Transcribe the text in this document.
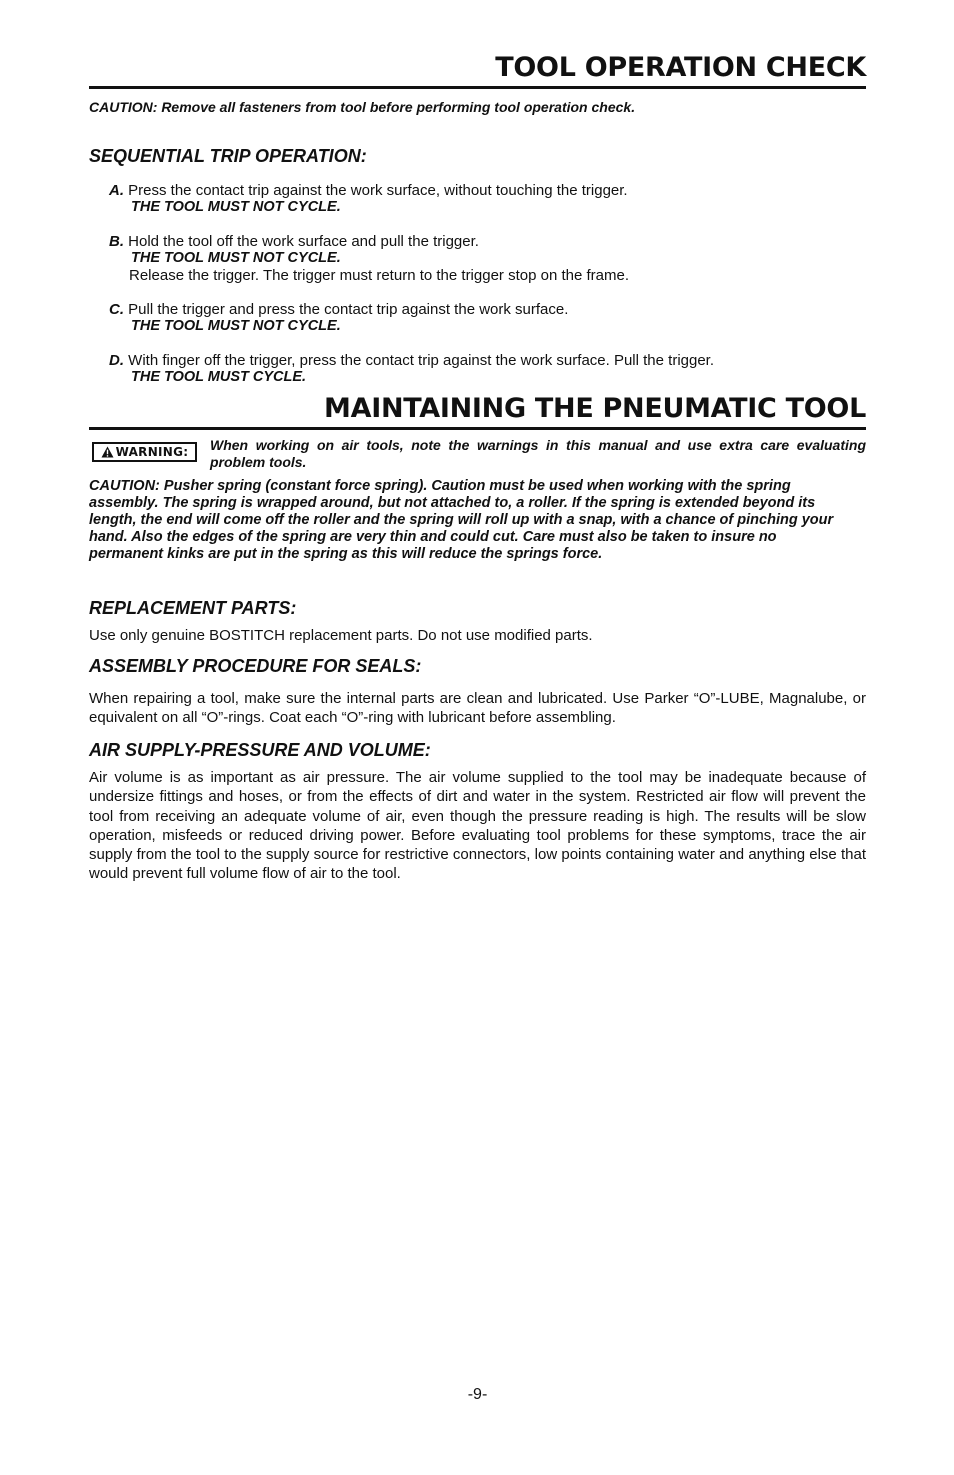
TOOL OPERATION CHECK
CAUTION: Remove all fasteners from tool before performing tool operation check.
SEQUENTIAL TRIP OPERATION:
A. Press the contact trip against the work surface, without touching the trigger.
THE TOOL MUST NOT CYCLE.
B. Hold the tool off the work surface and pull the trigger.
THE TOOL MUST NOT CYCLE.
Release the trigger. The trigger must return to the trigger stop on the frame.
C. Pull the trigger and press the contact trip against the work surface.
THE TOOL MUST NOT CYCLE.
D. With finger off the trigger, press the contact trip against the work surface. Pull the trigger.
THE TOOL MUST CYCLE.
MAINTAINING THE PNEUMATIC TOOL
WARNING: When working on air tools, note the warnings in this manual and use extra care evaluating problem tools.
CAUTION: Pusher spring (constant force spring). Caution must be used when working with the spring assembly. The spring is wrapped around, but not attached to, a roller. If the spring is extended beyond its length, the end will come off the roller and the spring will roll up with a snap, with a chance of pinching your hand. Also the edges of the spring are very thin and could cut. Care must also be taken to insure no permanent kinks are put in the spring as this will reduce the springs force.
REPLACEMENT PARTS:
Use only genuine BOSTITCH replacement parts. Do not use modified parts.
ASSEMBLY PROCEDURE FOR SEALS:
When repairing a tool, make sure the internal parts are clean and lubricated. Use Parker “O”-LUBE, Magnalube, or equivalent on all “O”-rings. Coat each “O”-ring with lubricant before assembling.
AIR SUPPLY-PRESSURE AND VOLUME:
Air volume is as important as air pressure. The air volume supplied to the tool may be inadequate because of undersize fittings and hoses, or from the effects of dirt and water in the system. Restricted air flow will prevent the tool from receiving an adequate volume of air, even though the pressure reading is high. The results will be slow operation, misfeeds or reduced driving power. Before evaluating tool problems for these symptoms, trace the air supply from the tool to the supply source for restrictive connectors, low points containing water and anything else that would prevent full volume flow of air to the tool.
-9-
